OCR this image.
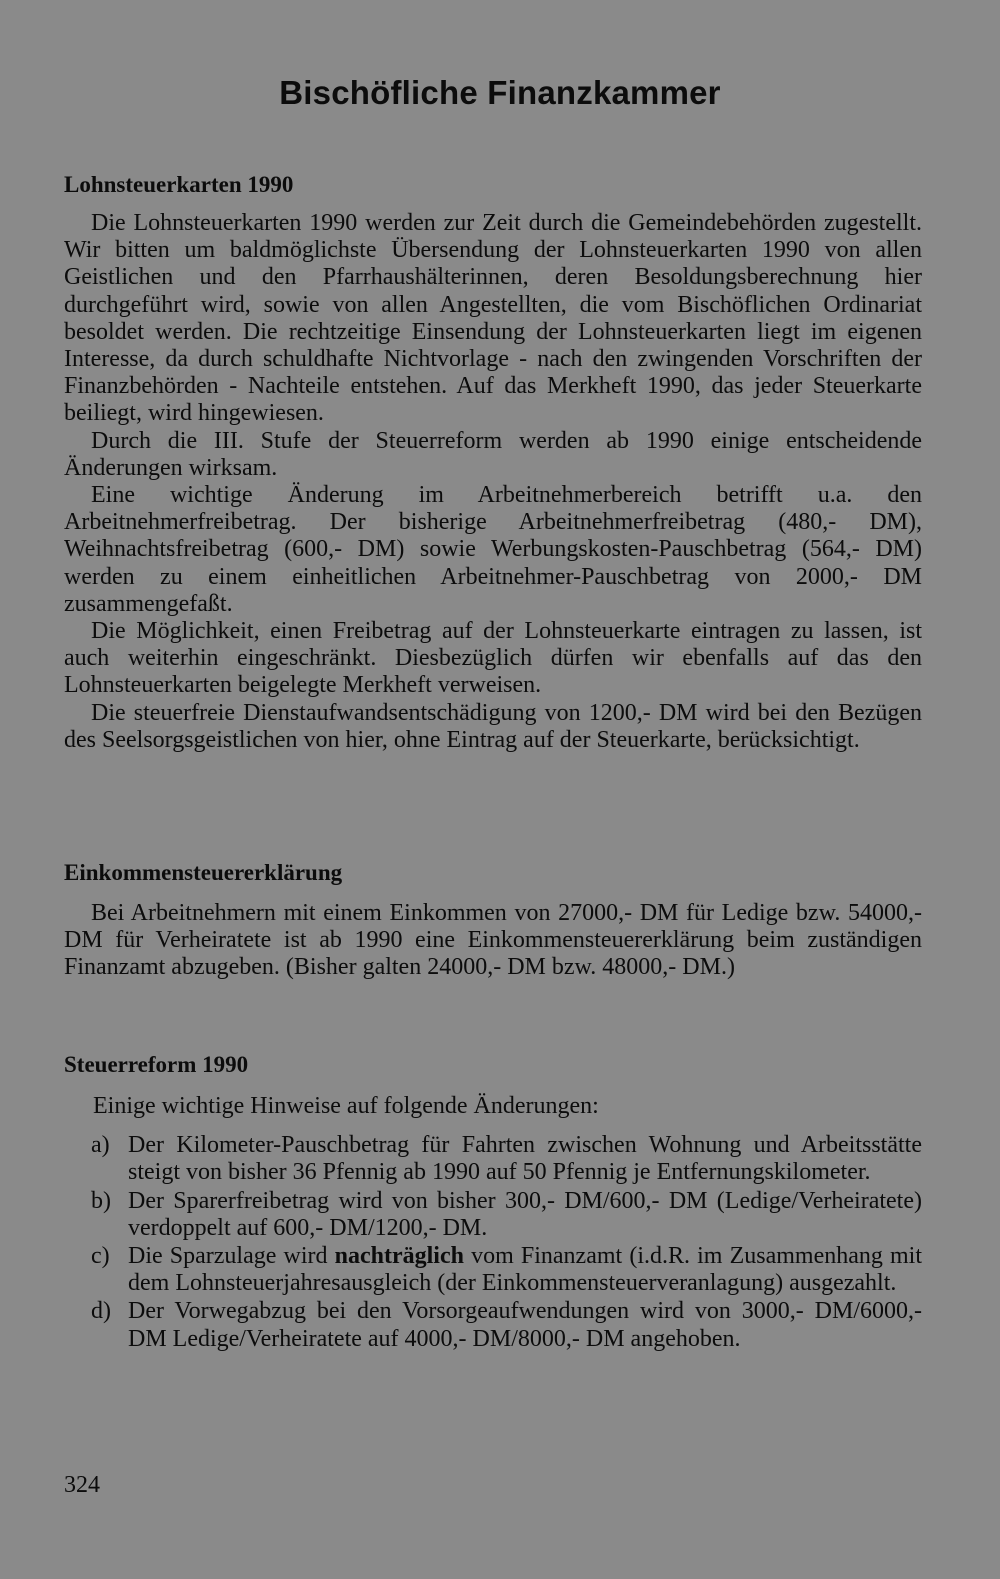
Bischöfliche Finanzkammer
Lohnsteuerkarten 1990

Die Lohnsteuerkarten 1990 werden zur Zeit durch die Gemeindebehörden zugestellt. Wir bitten um baldmöglichste Übersendung der Lohnsteuerkarten 1990 von allen Geistlichen und den Pfarrhaushälterinnen, deren Besoldungsberechnung hier durchgeführt wird, sowie von allen Angestellten, die vom Bischöflichen Ordinariat besoldet werden. Die rechtzeitige Einsendung der Lohnsteuerkarten liegt im eigenen Interesse, da durch schuldhafte Nichtvorlage - nach den zwingenden Vorschriften der Finanzbehörden - Nachteile entstehen. Auf das Merkheft 1990, das jeder Steuerkarte beiliegt, wird hingewiesen.

Durch die III. Stufe der Steuerreform werden ab 1990 einige entscheidende Änderungen wirksam.

Eine wichtige Änderung im Arbeitnehmerbereich betrifft u.a. den Arbeitnehmerfreibetrag. Der bisherige Arbeitnehmerfreibetrag (480,- DM), Weihnachtsfreibetrag (600,- DM) sowie Werbungskosten-Pauschbetrag (564,- DM) werden zu einem einheitlichen Arbeitnehmer-Pauschbetrag von 2000,- DM zusammengefaßt.

Die Möglichkeit, einen Freibetrag auf der Lohnsteuerkarte eintragen zu lassen, ist auch weiterhin eingeschränkt. Diesbezüglich dürfen wir ebenfalls auf das den Lohnsteuerkarten beigelegte Merkheft verweisen.

Die steuerfreie Dienstaufwandsentschädigung von 1200,- DM wird bei den Bezügen des Seelsorgsgeistlichen von hier, ohne Eintrag auf der Steuerkarte, berücksichtigt.

Einkommensteuererklärung

Bei Arbeitnehmern mit einem Einkommen von 27000,- DM für Ledige bzw. 54000,- DM für Verheiratete ist ab 1990 eine Einkommensteuererklärung beim zuständigen Finanzamt abzugeben. (Bisher galten 24000,- DM bzw. 48000,- DM.)

Steuerreform 1990

Einige wichtige Hinweise auf folgende Änderungen:

a) Der Kilometer-Pauschbetrag für Fahrten zwischen Wohnung und Arbeitsstätte steigt von bisher 36 Pfennig ab 1990 auf 50 Pfennig je Entfernungskilometer.
b) Der Sparerfreibetrag wird von bisher 300,- DM/600,- DM (Ledige/Verheiratete) verdoppelt auf 600,- DM/1200,- DM.
c) Die Sparzulage wird nachträglich vom Finanzamt (i.d.R. im Zusammenhang mit dem Lohnsteuerjahresausgleich (der Einkommensteuerveranlagung) ausgezahlt.
d) Der Vorwegabzug bei den Vorsorgeaufwendungen wird von 3000,- DM/6000,- DM Ledige/Verheiratete auf 4000,- DM/8000,- DM angehoben.
324
